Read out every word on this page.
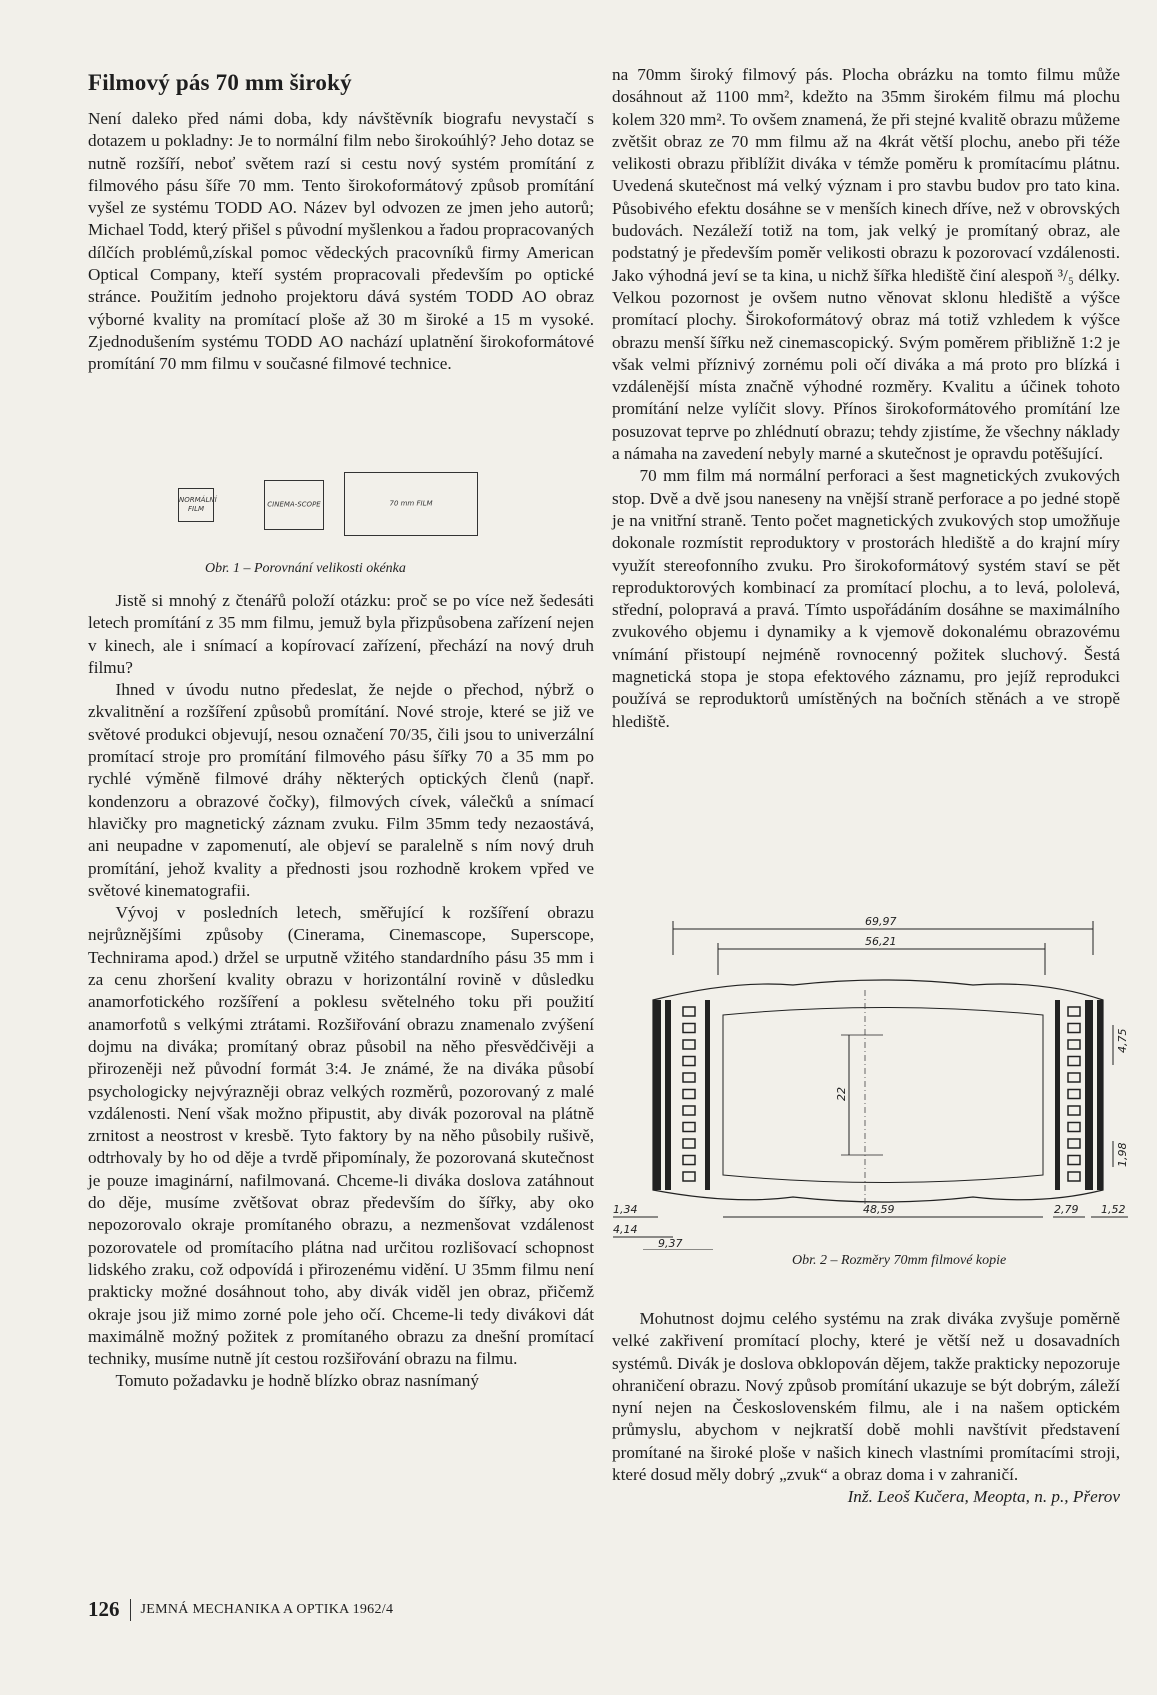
Filmový pás 70 mm široký

Není daleko před námi doba, kdy návštěvník biografu nevystačí s dotazem u pokladny: Je to normální film nebo širokoúhlý? Jeho dotaz se nutně rozšíří, neboť světem razí si cestu nový systém promítání z filmového pásu šíře 70 mm. Tento širokoformátový způsob promítání vyšel ze systému TODD AO. Název byl odvozen ze jmen jeho autorů; Michael Todd, který přišel s původní myšlenkou a řadou propracovaných dílčích problémů,získal pomoc vědeckých pracovníků firmy American Optical Company, kteří systém propracovali především po optické stránce. Použitím jednoho projektoru dává systém TODD AO obraz výborné kvality na promítací ploše až 30 m široké a 15 m vysoké. Zjednodušením systému TODD AO nachází uplatnění širokoformátové promítání 70 mm filmu v současné filmové technice.

NORMÁLNÍ FILM
CINEMA-SCOPE	70 mm FILM
Obr. 1 – Porovnání velikosti okénka

Jistě si mnohý z čtenářů položí otázku: proč se po více než šedesáti letech promítání z 35 mm filmu, jemuž byla přizpůsobena zařízení nejen v kinech, ale i snímací a kopírovací zařízení, přechází na nový druh filmu?

Ihned v úvodu nutno předeslat, že nejde o přechod, nýbrž o zkvalitnění a rozšíření způsobů promítání. Nové stroje, které se již ve světové produkci objevují, nesou označení 70/35, čili jsou to univerzální promítací stroje pro promítání filmového pásu šířky 70 a 35 mm po rychlé výměně filmové dráhy některých optických členů (např. kondenzoru a obrazové čočky), filmových cívek, válečků a snímací hlavičky pro magnetický záznam zvuku. Film 35mm tedy nezaostává, ani neupadne v zapomenutí, ale objeví se paralelně s ním nový druh promítání, jehož kvality a přednosti jsou rozhodně krokem vpřed ve světové kinematografii.

Vývoj v posledních letech, směřující k rozšíření obrazu nejrůznějšími způsoby (Cinerama, Cinemascope, Superscope, Technirama apod.) držel se urputně vžitého standardního pásu 35 mm i za cenu zhoršení kvality obrazu v horizontální rovině v důsledku anamorfotického rozšíření a poklesu světelného toku při použití anamorfotů s velkými ztrátami. Rozšiřování obrazu znamenalo zvýšení dojmu na diváka; promítaný obraz působil na něho přesvědčivěji a přirozeněji než původní formát 3:4. Je známé, že na diváka působí psychologicky nejvýrazněji obraz velkých rozměrů, pozorovaný z malé vzdálenosti. Není však možno připustit, aby divák pozoroval na plátně zrnitost a neostrost v kresbě. Tyto faktory by na něho působily rušivě, odtrhovaly by ho od děje a tvrdě připomínaly, že pozorovaná skutečnost je pouze imaginární, nafilmovaná. Chceme-li diváka doslova zatáhnout do děje, musíme zvětšovat obraz především do šířky, aby oko nepozorovalo okraje promítaného obrazu, a nezmenšovat vzdálenost pozorovatele od promítacího plátna nad určitou rozlišovací schopnost lidského zraku, což odpovídá i přirozenému vidění. U 35mm filmu není prakticky možné dosáhnout toho, aby divák viděl jen obraz, přičemž okraje jsou již mimo zorné pole jeho očí. Chceme-li tedy divákovi dát maximálně možný požitek z promítaného obrazu za dnešní promítací techniky, musíme nutně jít cestou rozšiřování obrazu na filmu.

Tomuto požadavku je hodně blízko obraz nasnímaný

na 70mm široký filmový pás. Plocha obrázku na tomto filmu může dosáhnout až 1100 mm², kdežto na 35mm širokém filmu má plochu kolem 320 mm². To ovšem znamená, že při stejné kvalitě obrazu můžeme zvětšit obraz ze 70 mm filmu až na 4krát větší plochu, anebo při téže velikosti obrazu přiblížit diváka v témže poměru k promítacímu plátnu. Uvedená skutečnost má velký význam i pro stavbu budov pro tato kina. Působivého efektu dosáhne se v menších kinech dříve, než v obrovských budovách. Nezáleží totiž na tom, jak velký je promítaný obraz, ale podstatný je především poměr velikosti obrazu k pozorovací vzdálenosti. Jako výhodná jeví se ta kina, u nichž šířka hlediště činí alespoň ³/₅ délky. Velkou pozornost je ovšem nutno věnovat sklonu hlediště a výšce promítací plochy. Širokoformátový obraz má totiž vzhledem k výšce obrazu menší šířku než cinemascopický. Svým poměrem přibližně 1:2 je však velmi příznivý zornému poli očí diváka a má proto pro blízká i vzdálenější místa značně výhodné rozměry. Kvalitu a účinek tohoto promítání nelze vylíčit slovy. Přínos širokoformátového promítání lze posuzovat teprve po zhlédnutí obrazu; tehdy zjistíme, že všechny náklady a námaha na zavedení nebyly marné a skutečnost je opravdu potěšující.

70 mm film má normální perforaci a šest magnetických zvukových stop. Dvě a dvě jsou naneseny na vnější straně perforace a po jedné stopě je na vnitřní straně. Tento počet magnetických zvukových stop umožňuje dokonale rozmístit reproduktory v prostorách hlediště a do krajní míry využít stereofonního zvuku. Pro širokoformátový systém staví se pět reproduktorových kombinací za promítací plochu, a to levá, pololevá, střední, polopravá a pravá. Tímto uspořádáním dosáhne se maximálního zvukového objemu i dynamiky a k vjemově dokonalému obrazovému vnímání přistoupí nejméně rovnocenný požitek sluchový. Šestá magnetická stopa je stopa efektového záznamu, pro jejíž reprodukci používá se reproduktorů umístěných na bočních stěnách a ve stropě hlediště.

69,97
56,21
22
4,75
1,98
48,59
1,34
4,14
9,37
2,79 1,52
Obr. 2 – Rozměry 70mm filmové kopie

Mohutnost dojmu celého systému na zrak diváka zvyšuje poměrně velké zakřivení promítací plochy, které je větší než u dosavadních systémů. Divák je doslova obklopován dějem, takže prakticky nepozoruje ohraničení obrazu. Nový způsob promítání ukazuje se být dobrým, záleží nyní nejen na Československém filmu, ale i na našem optickém průmyslu, abychom v nejkratší době mohli navštívit představení promítané na široké ploše v našich kinech vlastními promítacími stroji, které dosud měly dobrý „zvuk“ a obraz doma i v zahraničí.

Inž. Leoš Kučera, Meopta, n. p., Přerov

126 JEMNÁ MECHANIKA A OPTIKA 1962/4
